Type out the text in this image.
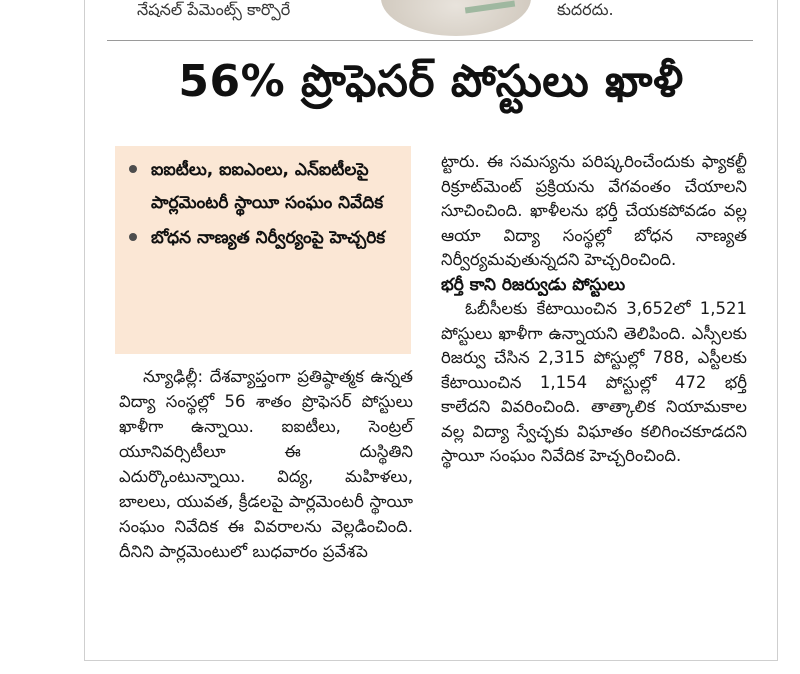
నేషనల్ పేమెంట్స్ కార్పొరే	కుదరదు.
56% ప్రొఫెసర్ పోస్టులు ఖాళీ
ఐఐటీలు, ఐఐఎంలు, ఎన్ఐటీలపై పార్లమెంటరీ స్థాయీ సంఘం నివేదిక
బోధన నాణ్యత నిర్వీర్యంపై హెచ్చరిక

న్యూఢిల్లీ: దేశవ్యాప్తంగా ప్రతిష్ఠాత్మక ఉన్నత విద్యా సంస్థల్లో 56 శాతం ప్రొఫెసర్ పోస్టులు ఖాళీగా ఉన్నాయి. ఐఐటీలు, సెంట్రల్ యూనివర్సిటీలూ ఈ దుస్థితిని ఎదుర్కొంటున్నాయి. విద్య, మహిళలు, బాలలు, యువత, క్రీడలపై పార్లమెంటరీ స్థాయీ సంఘం నివేదిక ఈ వివరాలను వెల్లడించింది. దీనిని పార్లమెంటులో బుధవారం ప్రవేశపె

ట్టారు. ఈ సమస్యను పరిష్కరించేందుకు ఫ్యాకల్టీ రిక్రూట్‌మెంట్ ప్రక్రియను వేగవంతం చేయాలని సూచించింది. ఖాళీలను భర్తీ చేయకపోవడం వల్ల ఆయా విద్యా సంస్థల్లో బోధన నాణ్యత నిర్వీర్యమవుతున్నదని హెచ్చరించింది.

భర్తీ కాని రిజర్వుడు పోస్టులు

ఓబీసీలకు కేటాయించిన 3,652లో 1,521 పోస్టులు ఖాళీగా ఉన్నాయని తెలిపింది. ఎస్సీలకు రిజర్వు చేసిన 2,315 పోస్టుల్లో 788, ఎస్టీలకు కేటాయించిన 1,154 పోస్టుల్లో 472 భర్తీ కాలేదని వివరించింది. తాత్కాలిక నియామకాల వల్ల విద్యా స్వేచ్ఛకు విఘాతం కలిగించకూడదని స్థాయీ సంఘం నివేదిక హెచ్చరించింది.
